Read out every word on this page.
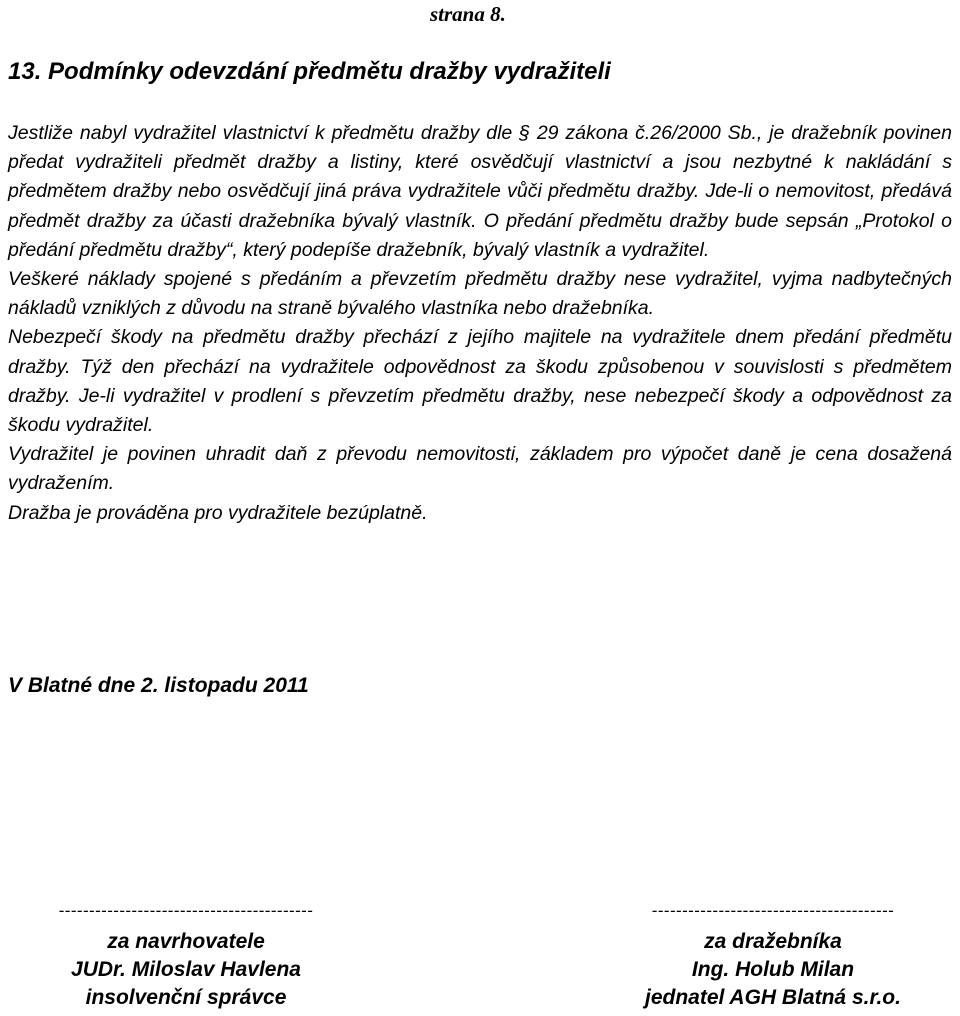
strana 8.
13. Podmínky odevzdání předmětu dražby vydražiteli

Jestliže nabyl vydražitel vlastnictví k předmětu dražby dle § 29 zákona č.26/2000 Sb., je dražebník povinen předat vydražiteli předmět dražby a listiny, které osvědčují vlastnictví a jsou nezbytné k nakládání s předmětem dražby nebo osvědčují jiná práva vydražitele vůči předmětu dražby. Jde-li o nemovitost, předává předmět dražby za účasti dražebníka bývalý vlastník. O předání předmětu dražby bude sepsán „Protokol o předání předmětu dražby“, který podepíše dražebník, bývalý vlastník a vydražitel.

Veškeré náklady spojené s předáním a převzetím předmětu dražby nese vydražitel, vyjma nadbytečných nákladů vzniklých z důvodu na straně bývalého vlastníka nebo dražebníka.

Nebezpečí škody na předmětu dražby přechází z jejího majitele na vydražitele dnem předání předmětu dražby. Týž den přechází na vydražitele odpovědnost za škodu způsobenou v souvislosti s předmětem dražby. Je-li vydražitel v prodlení s převzetím předmětu dražby, nese nebezpečí škody a odpovědnost za škodu vydražitel.

Vydražitel je povinen uhradit daň z převodu nemovitosti, základem pro výpočet daně je cena dosažená vydražením.

Dražba je prováděna pro vydražitele bezúplatně.

V Blatné dne 2. listopadu 2011
------------------------------------------
za navrhovatele
JUDr. Miloslav Havlena
insolvenční správce
----------------------------------------
za dražebníka
Ing. Holub Milan
jednatel AGH Blatná s.r.o.
